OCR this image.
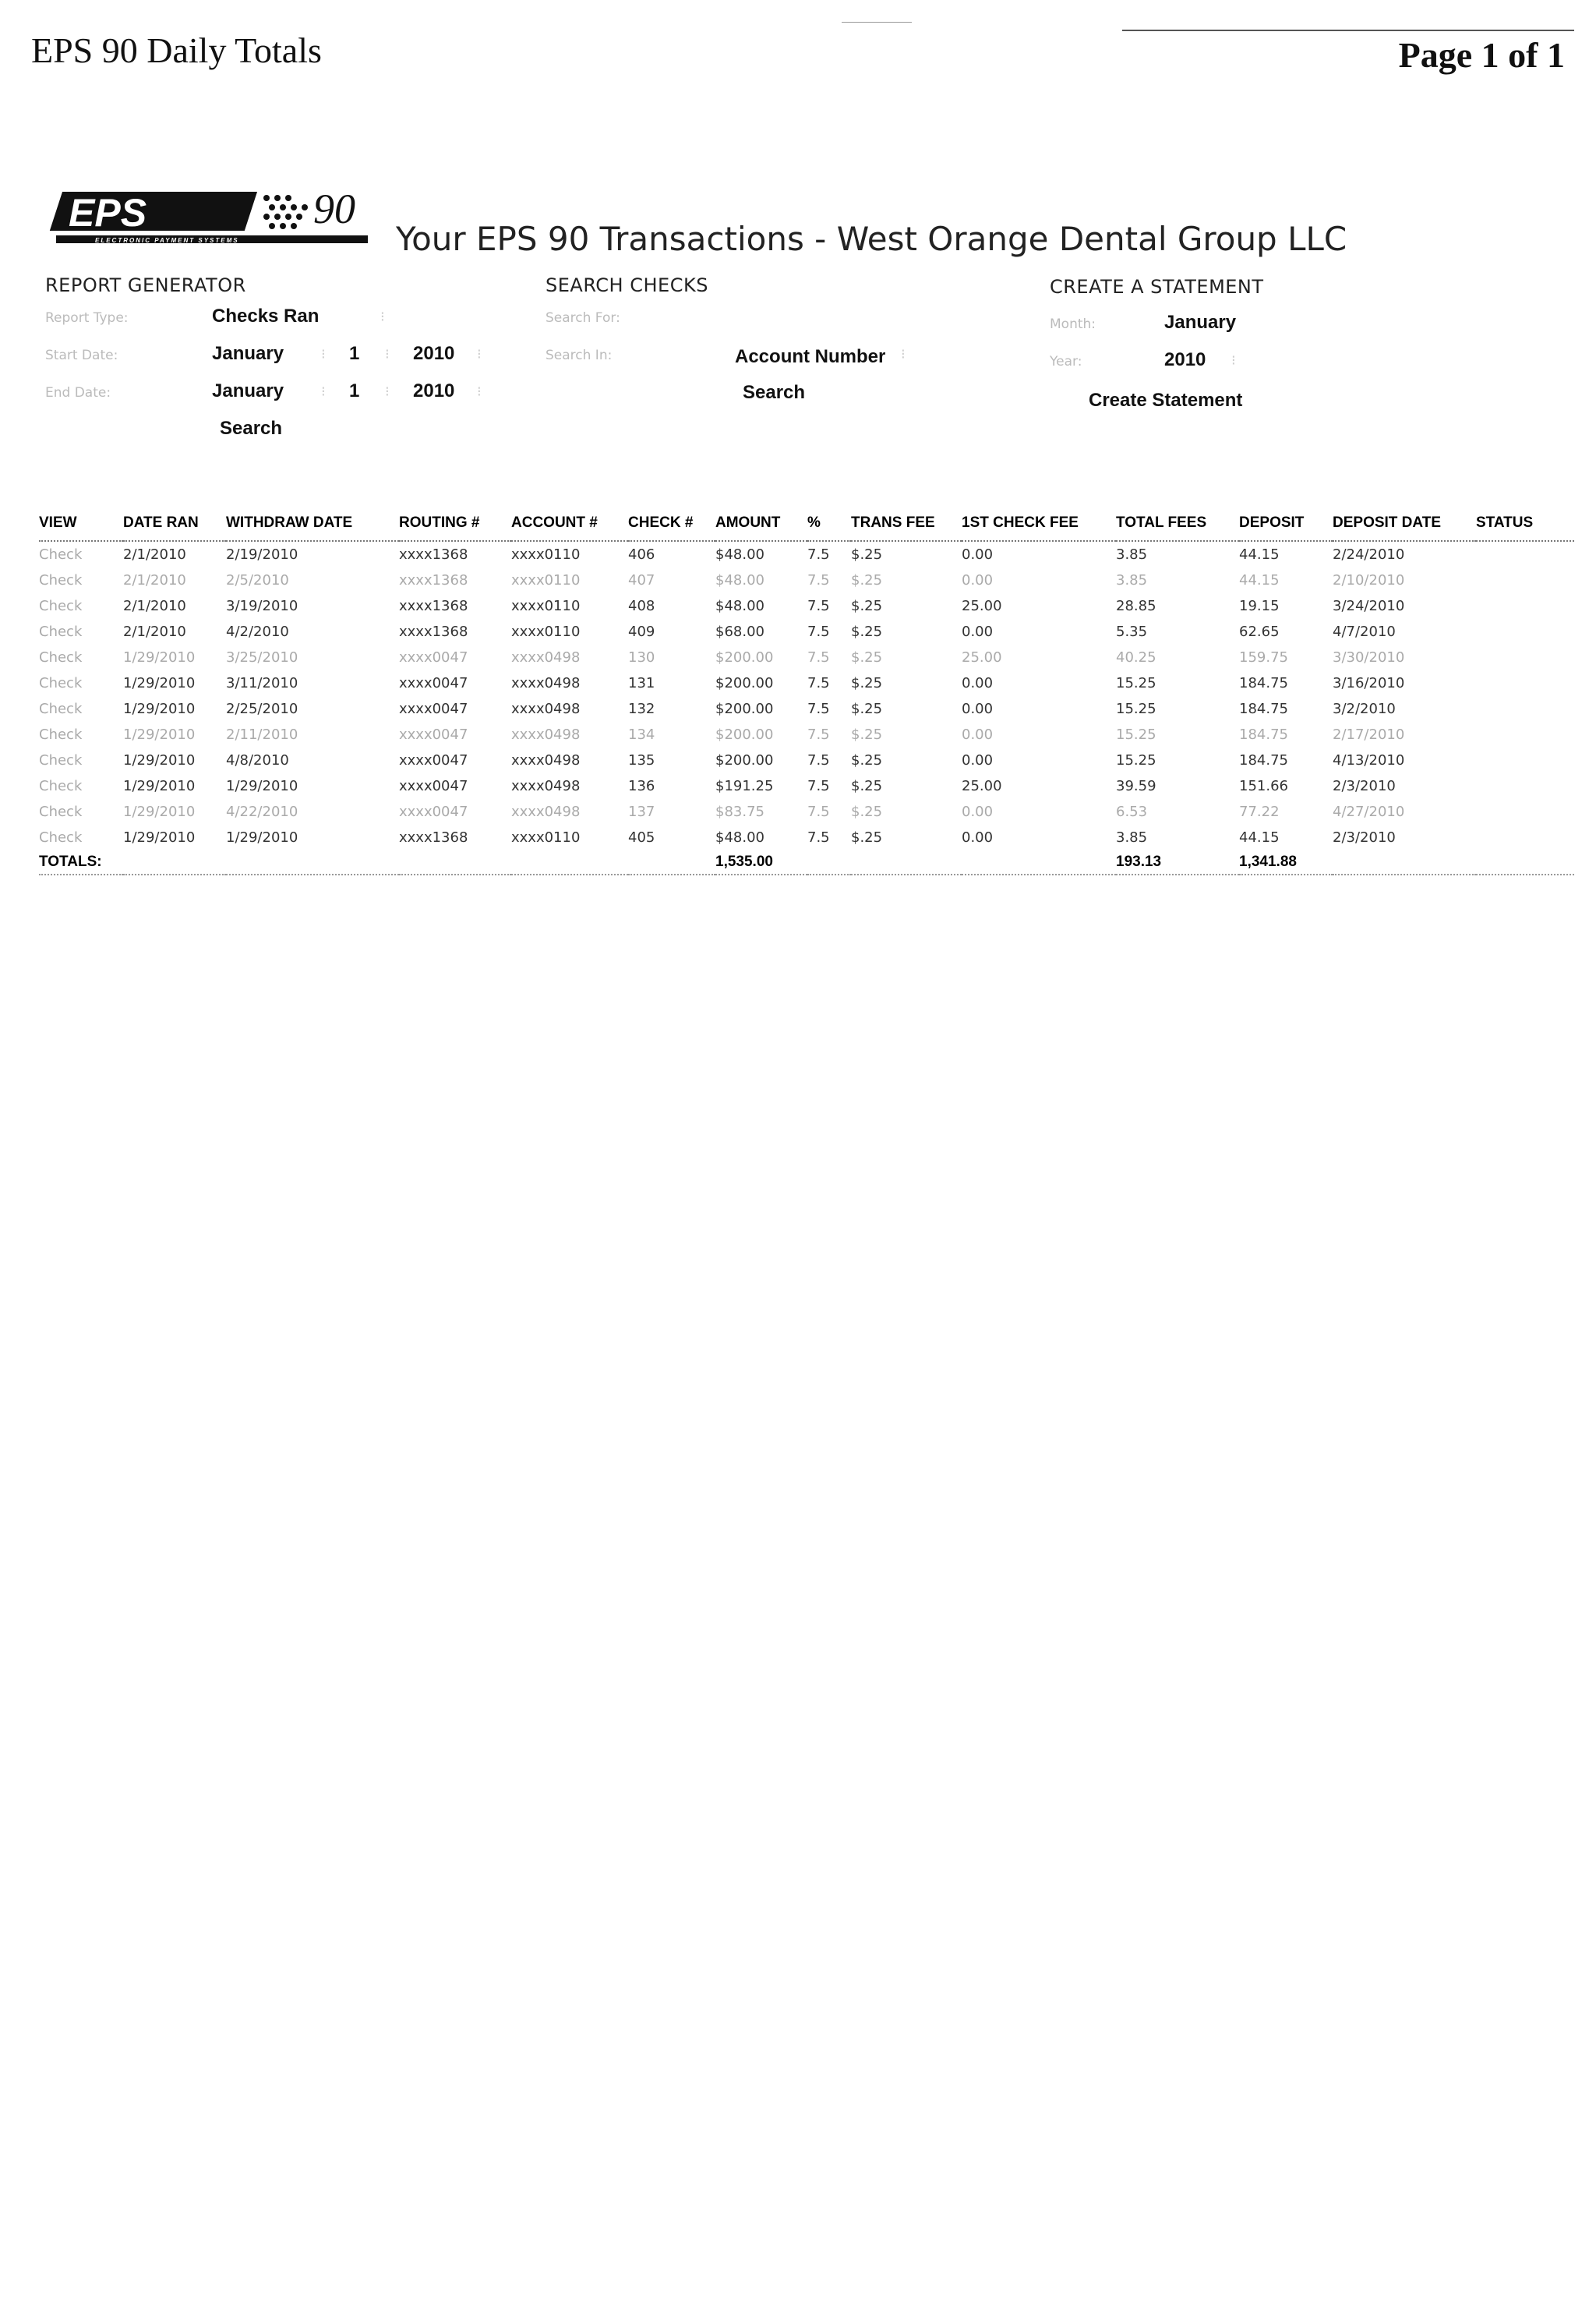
EPS 90 Daily Totals	Page 1 of 1
EPS	90
ELECTRONIC PAYMENT SYSTEMS	Your EPS 90 Transactions - West Orange Dental Group LLC
REPORT GENERATOR
Report Type:	Checks Ran	⁝
Start Date:	January	⁝ 1 ⁝ 2010 ⁝
End Date:	January	⁝ 1 ⁝ 2010 ⁝
Search
SEARCH CHECKS
Search For:
Search In:	Account Number ⁝
Search
CREATE A STATEMENT
Month:	January
Year:	2010 ⁝
Create Statement
VIEW	DATE RAN	WITHDRAW DATE	ROUTING #	ACCOUNT #	CHECK #	AMOUNT	%	TRANS FEE	1ST CHECK FEE	TOTAL FEES	DEPOSIT	DEPOSIT DATE	STATUS
Check	2/1/2010	2/19/2010	xxxx1368	xxxx0110	406	$48.00	7.5	$.25	0.00	3.85	44.15	2/24/2010	
Check	2/1/2010	2/5/2010	xxxx1368	xxxx0110	407	$48.00	7.5	$.25	0.00	3.85	44.15	2/10/2010	
Check	2/1/2010	3/19/2010	xxxx1368	xxxx0110	408	$48.00	7.5	$.25	25.00	28.85	19.15	3/24/2010	
Check	2/1/2010	4/2/2010	xxxx1368	xxxx0110	409	$68.00	7.5	$.25	0.00	5.35	62.65	4/7/2010	
Check	1/29/2010	3/25/2010	xxxx0047	xxxx0498	130	$200.00	7.5	$.25	25.00	40.25	159.75	3/30/2010	
Check	1/29/2010	3/11/2010	xxxx0047	xxxx0498	131	$200.00	7.5	$.25	0.00	15.25	184.75	3/16/2010	
Check	1/29/2010	2/25/2010	xxxx0047	xxxx0498	132	$200.00	7.5	$.25	0.00	15.25	184.75	3/2/2010	
Check	1/29/2010	2/11/2010	xxxx0047	xxxx0498	134	$200.00	7.5	$.25	0.00	15.25	184.75	2/17/2010	
Check	1/29/2010	4/8/2010	xxxx0047	xxxx0498	135	$200.00	7.5	$.25	0.00	15.25	184.75	4/13/2010	
Check	1/29/2010	1/29/2010	xxxx0047	xxxx0498	136	$191.25	7.5	$.25	25.00	39.59	151.66	2/3/2010	
Check	1/29/2010	4/22/2010	xxxx0047	xxxx0498	137	$83.75	7.5	$.25	0.00	6.53	77.22	4/27/2010	
Check	1/29/2010	1/29/2010	xxxx1368	xxxx0110	405	$48.00	7.5	$.25	0.00	3.85	44.15	2/3/2010	
TOTALS:						1,535.00				193.13	1,341.88		
